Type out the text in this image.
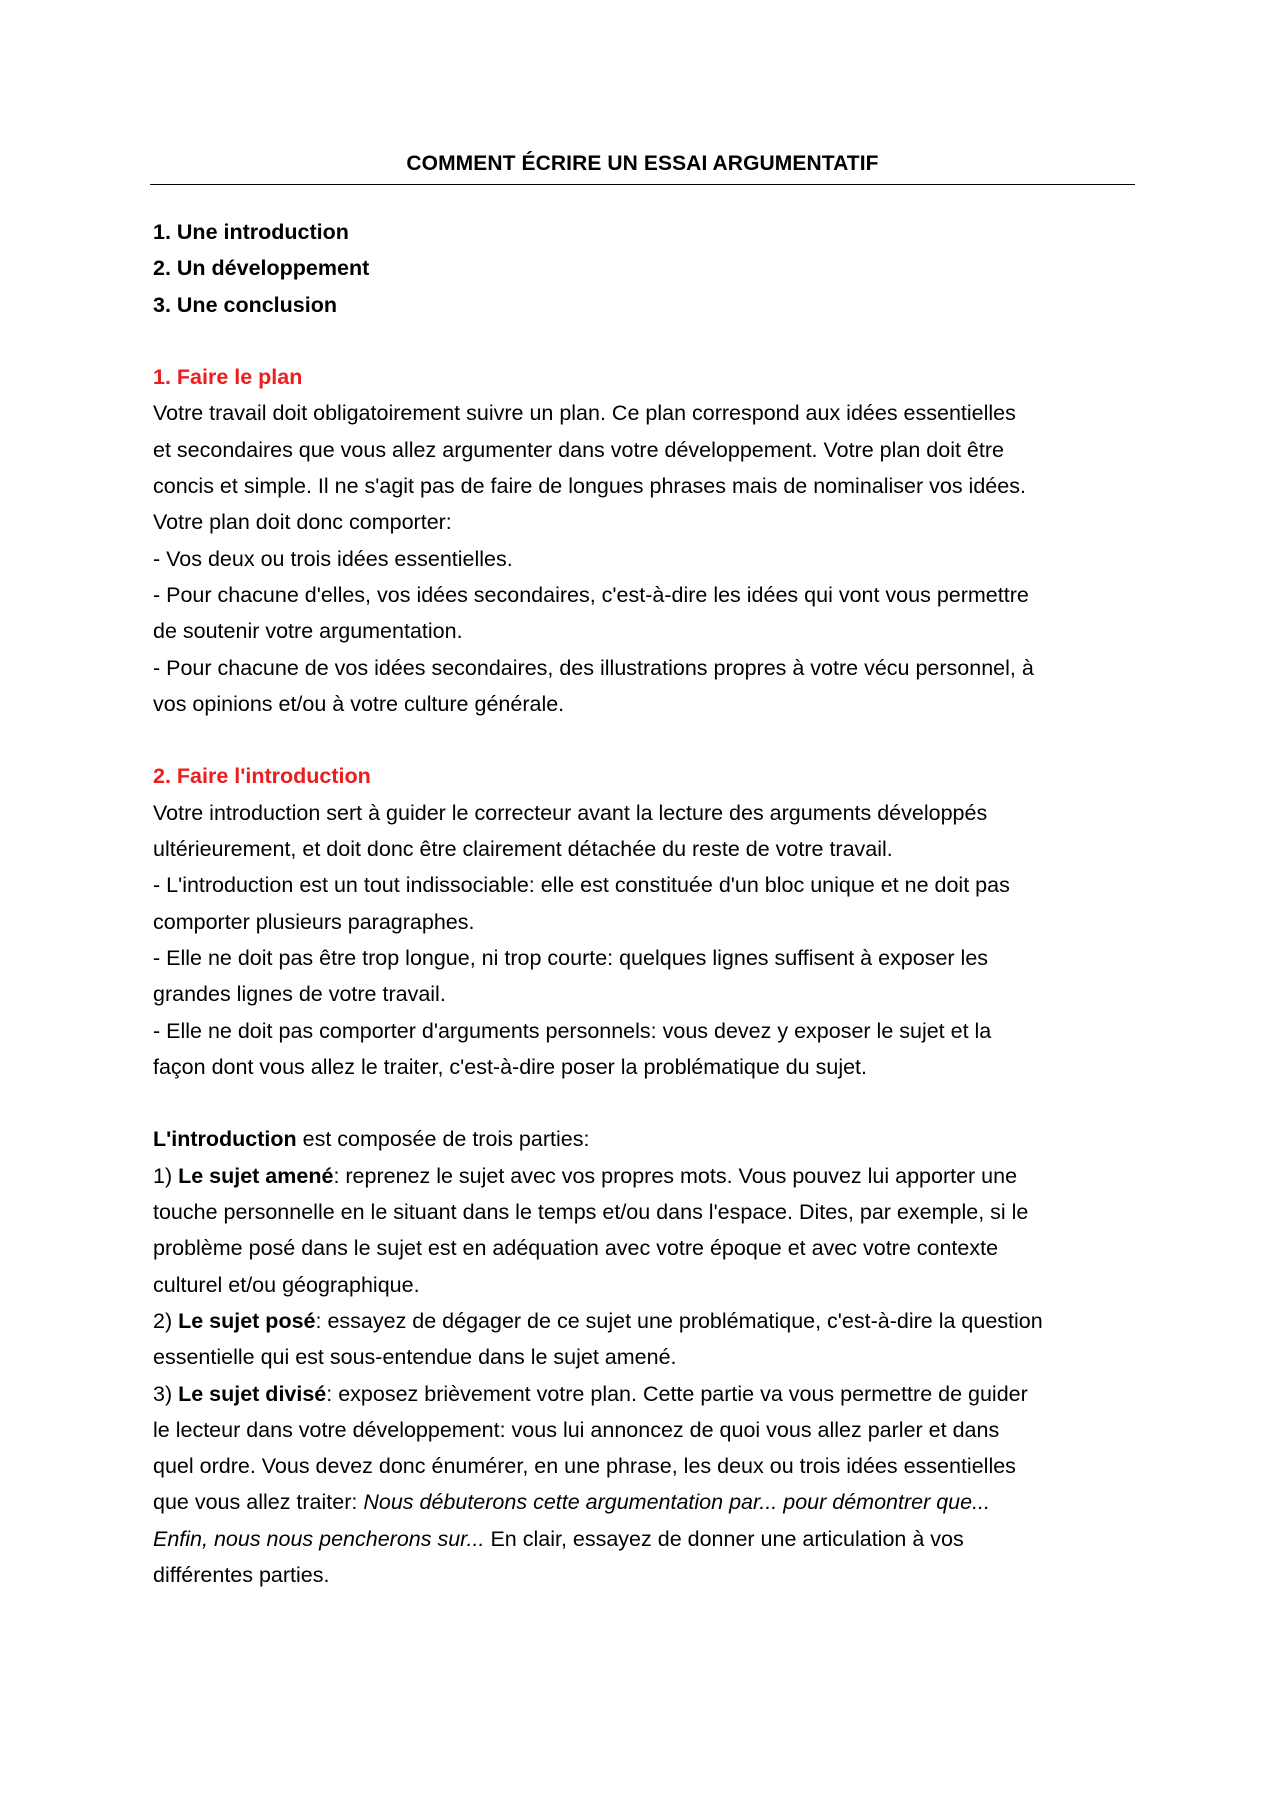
COMMENT ÉCRIRE UN ESSAI ARGUMENTATIF
1. Une introduction
2. Un développement
3. Une conclusion
1. Faire le plan
Votre travail doit obligatoirement suivre un plan. Ce plan correspond aux idées essentielles
et secondaires que vous allez argumenter dans votre développement. Votre plan doit être
concis et simple. Il ne s'agit pas de faire de longues phrases mais de nominaliser vos idées.
Votre plan doit donc comporter:
- Vos deux ou trois idées essentielles.
- Pour chacune d'elles, vos idées secondaires, c'est-à-dire les idées qui vont vous permettre
de soutenir votre argumentation.
- Pour chacune de vos idées secondaires, des illustrations propres à votre vécu personnel, à
vos opinions et/ou à votre culture générale.
2. Faire l'introduction
Votre introduction sert à guider le correcteur avant la lecture des arguments développés
ultérieurement, et doit donc être clairement détachée du reste de votre travail.
- L'introduction est un tout indissociable: elle est constituée d'un bloc unique et ne doit pas
comporter plusieurs paragraphes.
- Elle ne doit pas être trop longue, ni trop courte: quelques lignes suffisent à exposer les
grandes lignes de votre travail.
- Elle ne doit pas comporter d'arguments personnels: vous devez y exposer le sujet et la
façon dont vous allez le traiter, c'est-à-dire poser la problématique du sujet.
L'introduction est composée de trois parties:
1) Le sujet amené: reprenez le sujet avec vos propres mots. Vous pouvez lui apporter une
touche personnelle en le situant dans le temps et/ou dans l'espace. Dites, par exemple, si le
problème posé dans le sujet est en adéquation avec votre époque et avec votre contexte
culturel et/ou géographique.
2) Le sujet posé: essayez de dégager de ce sujet une problématique, c'est-à-dire la question
essentielle qui est sous-entendue dans le sujet amené.
3) Le sujet divisé: exposez brièvement votre plan. Cette partie va vous permettre de guider
le lecteur dans votre développement: vous lui annoncez de quoi vous allez parler et dans
quel ordre. Vous devez donc énumérer, en une phrase, les deux ou trois idées essentielles
que vous allez traiter: Nous débuterons cette argumentation par... pour démontrer que...
Enfin, nous nous pencherons sur... En clair, essayez de donner une articulation à vos
différentes parties.
